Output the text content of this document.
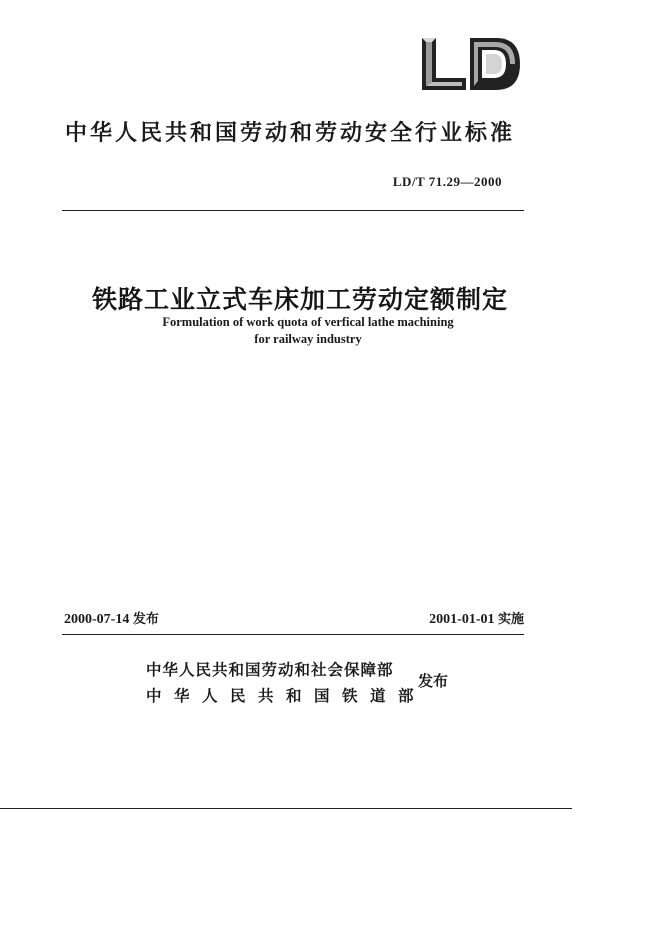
中华人民共和国劳动和劳动安全行业标准
LD/T 71.29—2000
铁路工业立式车床加工劳动定额制定
Formulation of work quota of verfical lathe machining
for railway industry
2000-07-14 发布	2001-01-01 实施
中华人民共和国劳动和社会保障部
中华人民共和国铁道部
发布
